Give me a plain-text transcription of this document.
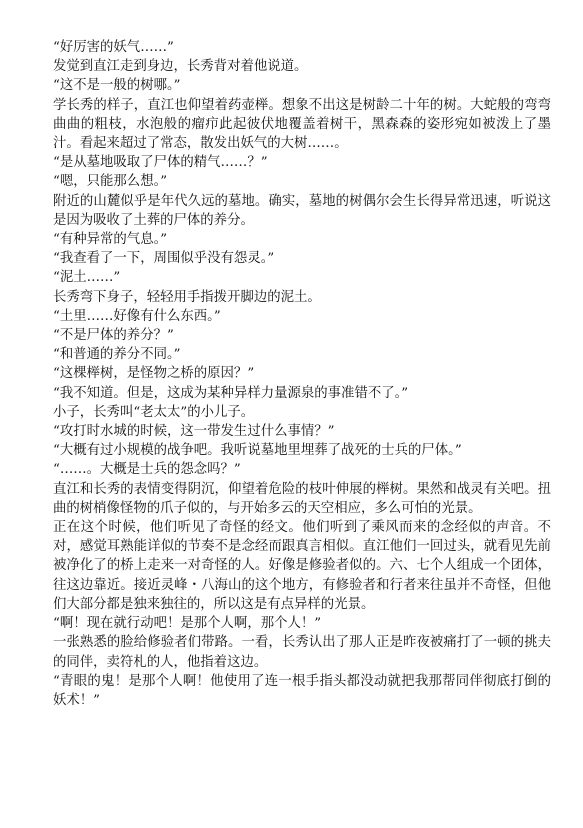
“好厉害的妖气……”

发觉到直江走到身边，长秀背对着他说道。

“这不是一般的树哪。”

学长秀的样子，直江也仰望着药壶榉。想象不出这是树龄二十年的树。大蛇般的弯弯曲曲的粗枝，水泡般的瘤疖此起彼伏地覆盖着树干，黑森森的姿形宛如被泼上了墨汁。看起来超过了常态，散发出妖气的大树……。

“是从墓地吸取了尸体的精气……？”

“嗯，只能那么想。”

附近的山麓似乎是年代久远的墓地。确实，墓地的树偶尔会生长得异常迅速，听说这是因为吸收了土葬的尸体的养分。

“有种异常的气息。”

“我查看了一下，周围似乎没有怨灵。”

“泥土……”

长秀弯下身子，轻轻用手指拨开脚边的泥土。

“土里……好像有什么东西。”

“不是尸体的养分？”

“和普通的养分不同。”

“这棵榉树，是怪物之桥的原因？”

“我不知道。但是，这成为某种异样力量源泉的事准错不了。”

小子，长秀叫“老太太”的小儿子。

“攻打时水城的时候，这一带发生过什么事情？”

“大概有过小规模的战争吧。我听说墓地里埋葬了战死的士兵的尸体。”

“……。大概是士兵的怨念吗？”

直江和长秀的表情变得阴沉，仰望着危险的枝叶伸展的榉树。果然和战灵有关吧。扭曲的树梢像怪物的爪子似的，与开始多云的天空相应，多么可怕的光景。

正在这个时候，他们听见了奇怪的经文。他们听到了乘风而来的念经似的声音。不对，感觉耳熟能详似的节奏不是念经而跟真言相似。直江他们一回过头，就看见先前被净化了的桥上走来一对奇怪的人。好像是修验者似的。六、七个人组成一个团体，往这边靠近。接近灵峰・八海山的这个地方，有修验者和行者来往虽并不奇怪，但他们大部分都是独来独往的，所以这是有点异样的光景。

“啊！现在就行动吧！是那个人啊，那个人！”

一张熟悉的脸给修验者们带路。一看，长秀认出了那人正是昨夜被痛打了一顿的挑夫的同伴，卖符札的人，他指着这边。

“青眼的鬼！是那个人啊！他使用了连一根手指头都没动就把我那帮同伴彻底打倒的妖术！”
